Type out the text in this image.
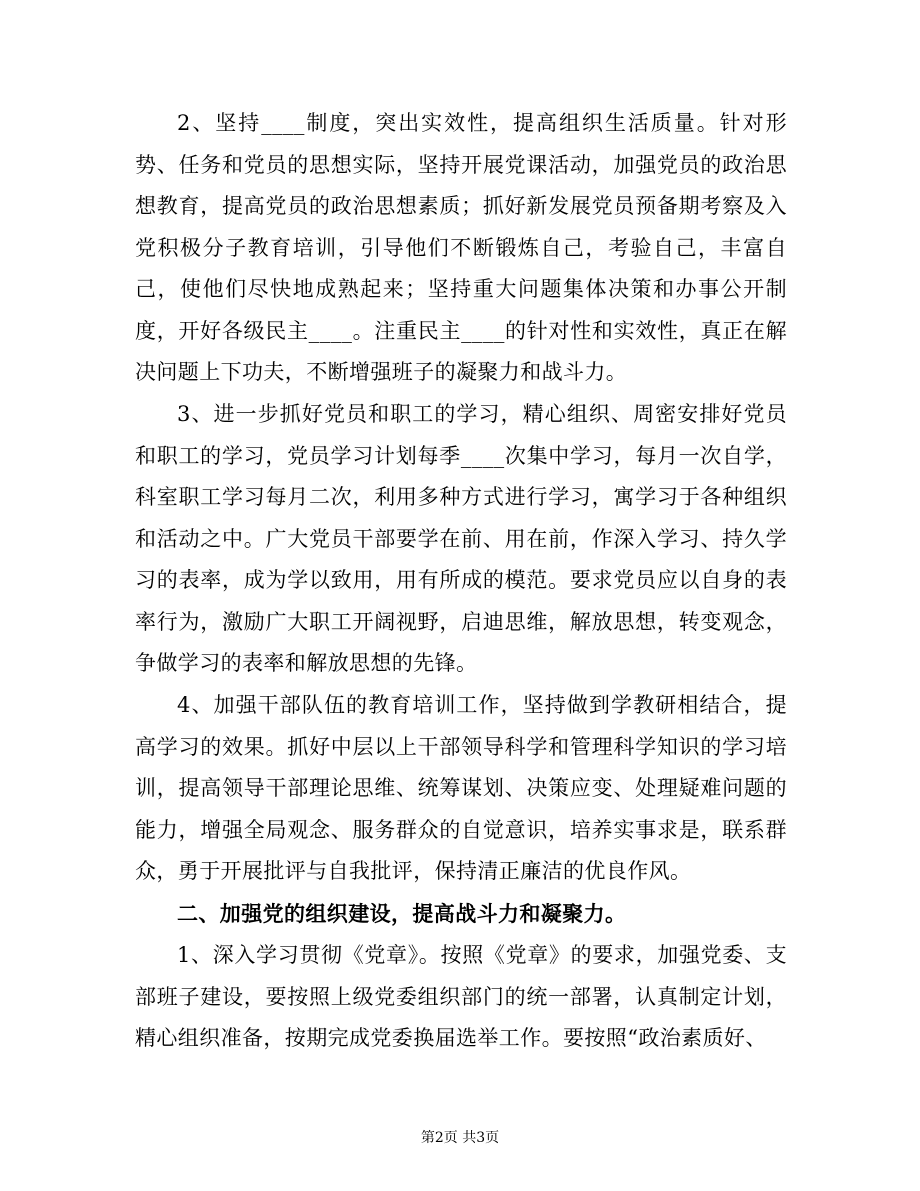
2、坚持____制度，突出实效性，提高组织生活质量。针对形势、任务和党员的思想实际，坚持开展党课活动，加强党员的政治思想教育，提高党员的政治思想素质；抓好新发展党员预备期考察及入党积极分子教育培训，引导他们不断锻炼自己，考验自己，丰富自己，使他们尽快地成熟起来；坚持重大问题集体决策和办事公开制度，开好各级民主____。注重民主____的针对性和实效性，真正在解决问题上下功夫，不断增强班子的凝聚力和战斗力。

3、进一步抓好党员和职工的学习，精心组织、周密安排好党员和职工的学习，党员学习计划每季____次集中学习，每月一次自学，科室职工学习每月二次，利用多种方式进行学习，寓学习于各种组织和活动之中。广大党员干部要学在前、用在前，作深入学习、持久学习的表率，成为学以致用，用有所成的模范。要求党员应以自身的表率行为，激励广大职工开阔视野，启迪思维，解放思想，转变观念，争做学习的表率和解放思想的先锋。

4、加强干部队伍的教育培训工作，坚持做到学教研相结合，提高学习的效果。抓好中层以上干部领导科学和管理科学知识的学习培训，提高领导干部理论思维、统筹谋划、决策应变、处理疑难问题的能力，增强全局观念、服务群众的自觉意识，培养实事求是，联系群众，勇于开展批评与自我批评，保持清正廉洁的优良作风。

二、加强党的组织建设，提高战斗力和凝聚力。

1、深入学习贯彻《党章》。按照《党章》的要求，加强党委、支部班子建设，要按照上级党委组织部门的统一部署，认真制定计划，精心组织准备，按期完成党委换届选举工作。要按照“政治素质好、

第2页 共3页
